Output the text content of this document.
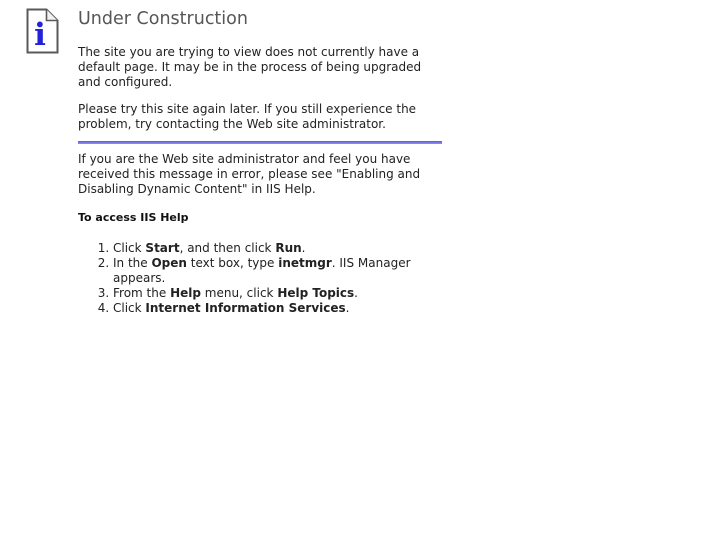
i Under Construction

The site you are trying to view does not currently have a default page. It may be in the process of being upgraded and configured.

Please try this site again later. If you still experience the problem, try contacting the Web site administrator.

If you are the Web site administrator and feel you have received this message in error, please see "Enabling and Disabling Dynamic Content" in IIS Help.

To access IIS Help
1. Click Start, and then click Run.
2. In the Open text box, type inetmgr. IIS Manager appears.
3. From the Help menu, click Help Topics.
4. Click Internet Information Services.
